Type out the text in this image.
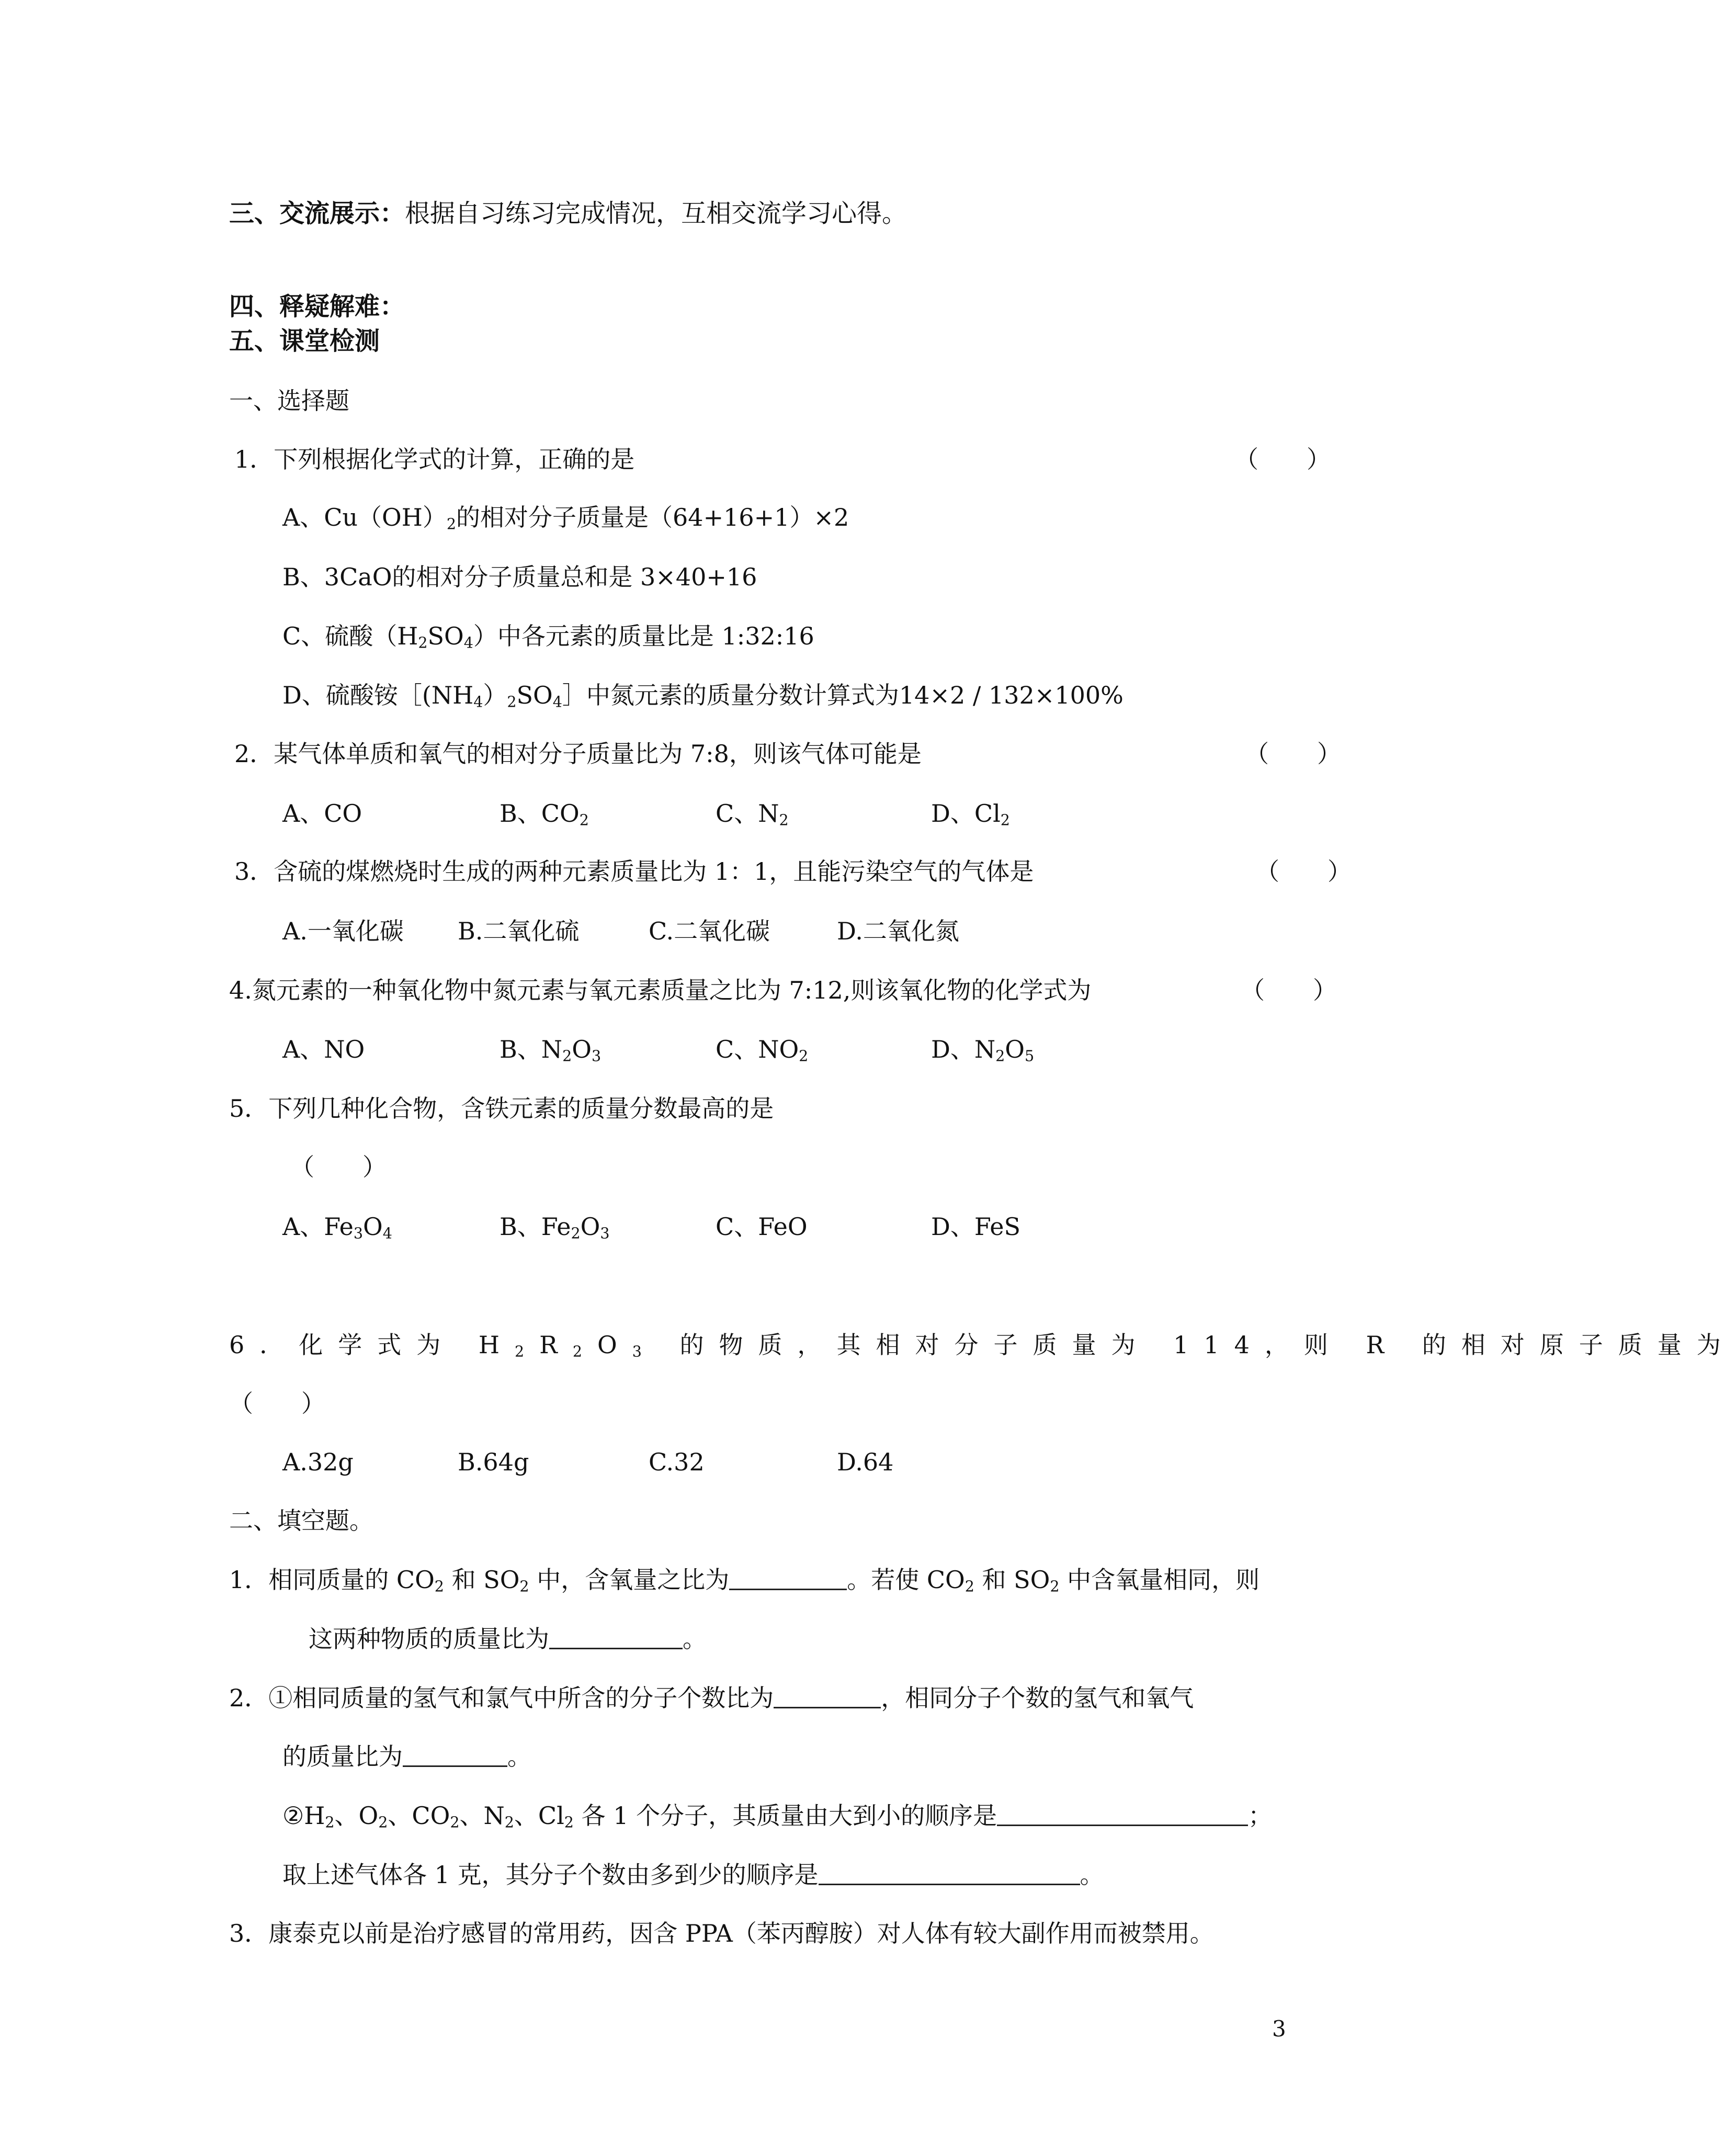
三、交流展示：根据自习练习完成情况，互相交流学习心得。
四、释疑解难：
五、课堂检测
一、选择题
1．下列根据化学式的计算，正确的是	（　　）
A、$Cu(OH)_2$的相对分子质量是（64+16+1）×2
B、3CaO的相对分子质量总和是 3×40+16
C、硫酸$(H_2SO_4)$中各元素的质量比是 1:32:16
D、硫酸铵$[(NH_4)_2SO_4]$中氮元素的质量分数计算式为14×2 / 132×100%
2．某气体单质和氧气的相对分子质量比为 7:8，则该气体可能是	（　　）
A、CO	B、$CO_2$	C、$N_2$	D、$Cl_2$
3．含硫的煤燃烧时生成的两种元素质量比为 1：1，且能污染空气的气体是	（　　）
A.一氧化碳 B.二氧化硫	C.二氧化碳	D.二氧化氮
4.氮元素的一种氧化物中氮元素与氧元素质量之比为 7:12,则该氧化物的化学式为	（　　）
A、NO	B、$N_2O_3$	C、$NO_2$	D、$N_2O_5$
5．下列几种化合物，含铁元素的质量分数最高的是
（　　）
A、$Fe_3O_4$	B、$Fe_2O_3$	C、FeO	D、FeS
6．化学式为 $H_2R_2O_3$ 的物质，其相对分子质量为 114，则 R 的相对原子质量为
（　　）
A.32g	B.64g	C.32	D.64
二、填空题。
1．相同质量的 $CO_2$ 和 $SO_2$ 中，含氧量之比为	。若使 $CO_2$ 和 $SO_2$ 中含氧量相同，则
这两种物质的质量比为	。
2．①相同质量的氢气和氯气中所含的分子个数比为	，相同分子个数的氢气和氧气
的质量比为	。
$②H_2$、$O_2$、$CO_2$、$N_2$、$Cl_2$ 各 1 个分子，其质量由大到小的顺序是	；
取上述气体各 1 克，其分子个数由多到少的顺序是	。
3．康泰克以前是治疗感冒的常用药，因含 PPA（苯丙醇胺）对人体有较大副作用而被禁用。
3
